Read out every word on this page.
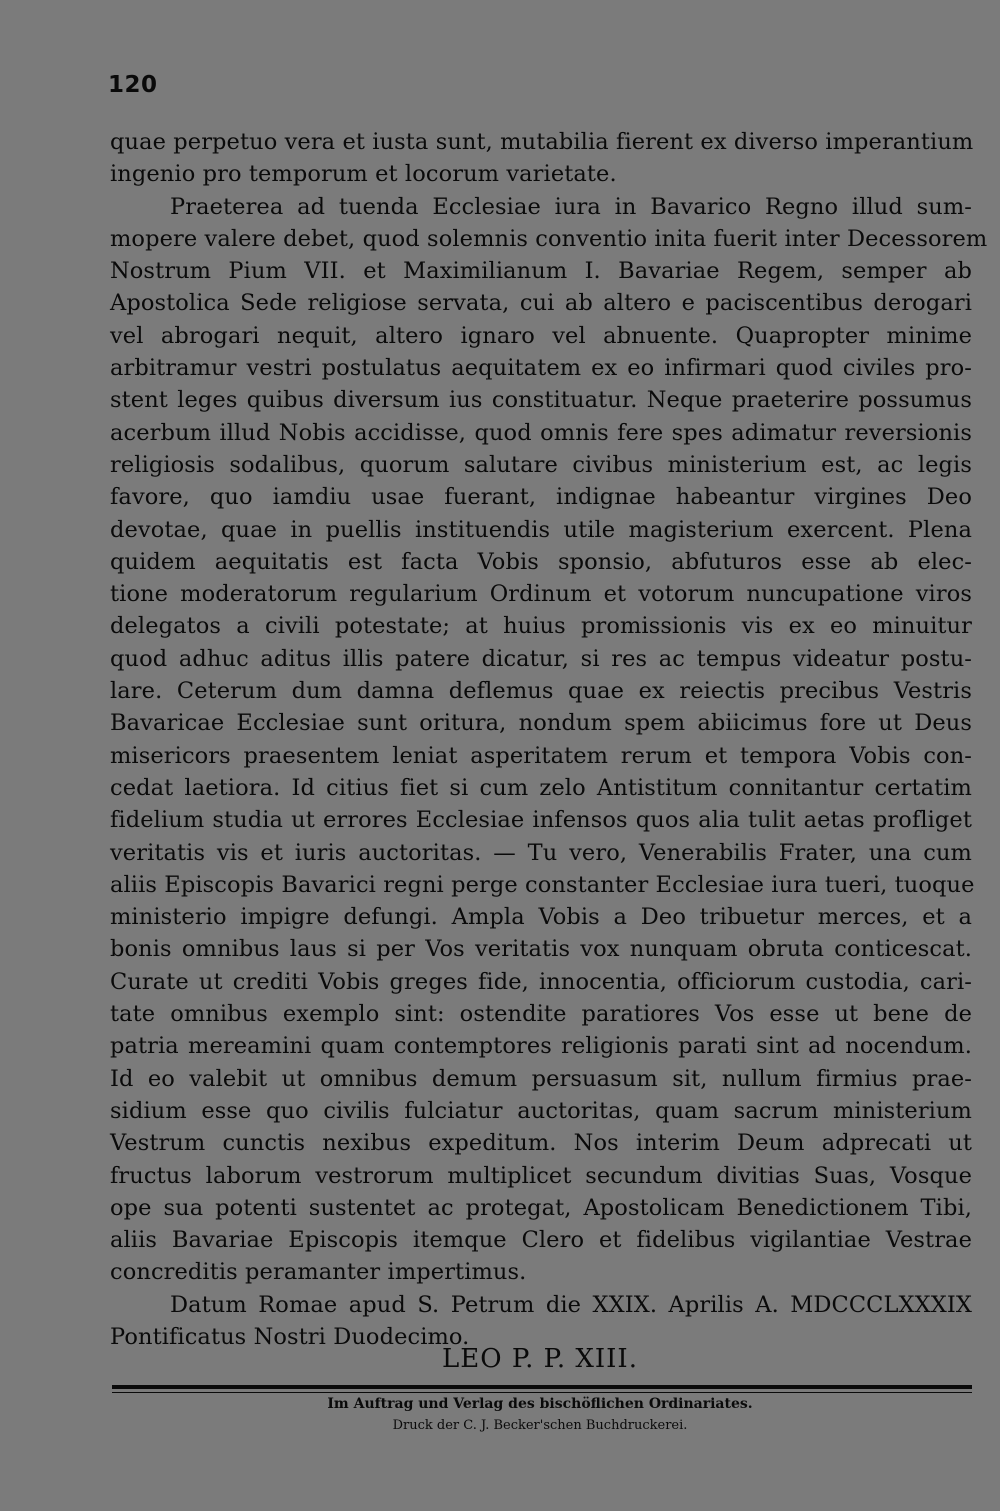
120
quae perpetuo vera et iusta sunt, mutabilia fierent ex diverso imperantium
ingenio pro temporum et locorum varietate.
Praeterea ad tuenda Ecclesiae iura in Bavarico Regno illud sum-
mopere valere debet, quod solemnis conventio inita fuerit inter Decessorem
Nostrum Pium VII. et Maximilianum I. Bavariae Regem, semper ab
Apostolica Sede religiose servata, cui ab altero e paciscentibus derogari
vel abrogari nequit, altero ignaro vel abnuente. Quapropter minime
arbitramur vestri postulatus aequitatem ex eo infirmari quod civiles pro-
stent leges quibus diversum ius constituatur. Neque praeterire possumus
acerbum illud Nobis accidisse, quod omnis fere spes adimatur reversionis
religiosis sodalibus, quorum salutare civibus ministerium est, ac legis
favore, quo iamdiu usae fuerant, indignae habeantur virgines Deo
devotae, quae in puellis instituendis utile magisterium exercent. Plena
quidem aequitatis est facta Vobis sponsio, abfuturos esse ab elec-
tione moderatorum regularium Ordinum et votorum nuncupatione viros
delegatos a civili potestate; at huius promissionis vis ex eo minuitur
quod adhuc aditus illis patere dicatur, si res ac tempus videatur postu-
lare. Ceterum dum damna deflemus quae ex reiectis precibus Vestris
Bavaricae Ecclesiae sunt oritura, nondum spem abiicimus fore ut Deus
misericors praesentem leniat asperitatem rerum et tempora Vobis con-
cedat laetiora. Id citius fiet si cum zelo Antistitum connitantur certatim
fidelium studia ut errores Ecclesiae infensos quos alia tulit aetas profliget
veritatis vis et iuris auctoritas. — Tu vero, Venerabilis Frater, una cum
aliis Episcopis Bavarici regni perge constanter Ecclesiae iura tueri, tuoque
ministerio impigre defungi. Ampla Vobis a Deo tribuetur merces, et a
bonis omnibus laus si per Vos veritatis vox nunquam obruta conticescat.
Curate ut crediti Vobis greges fide, innocentia, officiorum custodia, cari-
tate omnibus exemplo sint: ostendite paratiores Vos esse ut bene de
patria mereamini quam contemptores religionis parati sint ad nocendum.
Id eo valebit ut omnibus demum persuasum sit, nullum firmius prae-
sidium esse quo civilis fulciatur auctoritas, quam sacrum ministerium
Vestrum cunctis nexibus expeditum. Nos interim Deum adprecati ut
fructus laborum vestrorum multiplicet secundum divitias Suas, Vosque
ope sua potenti sustentet ac protegat, Apostolicam Benedictionem Tibi,
aliis Bavariae Episcopis itemque Clero et fidelibus vigilantiae Vestrae
concreditis peramanter impertimus.
Datum Romae apud S. Petrum die XXIX. Aprilis A. MDCCCLXXXIX
Pontificatus Nostri Duodecimo.
LEO P. P. XIII.
Im Auftrag und Verlag des bischöflichen Ordinariates.
Druck der C. J. Becker'schen Buchdruckerei.
